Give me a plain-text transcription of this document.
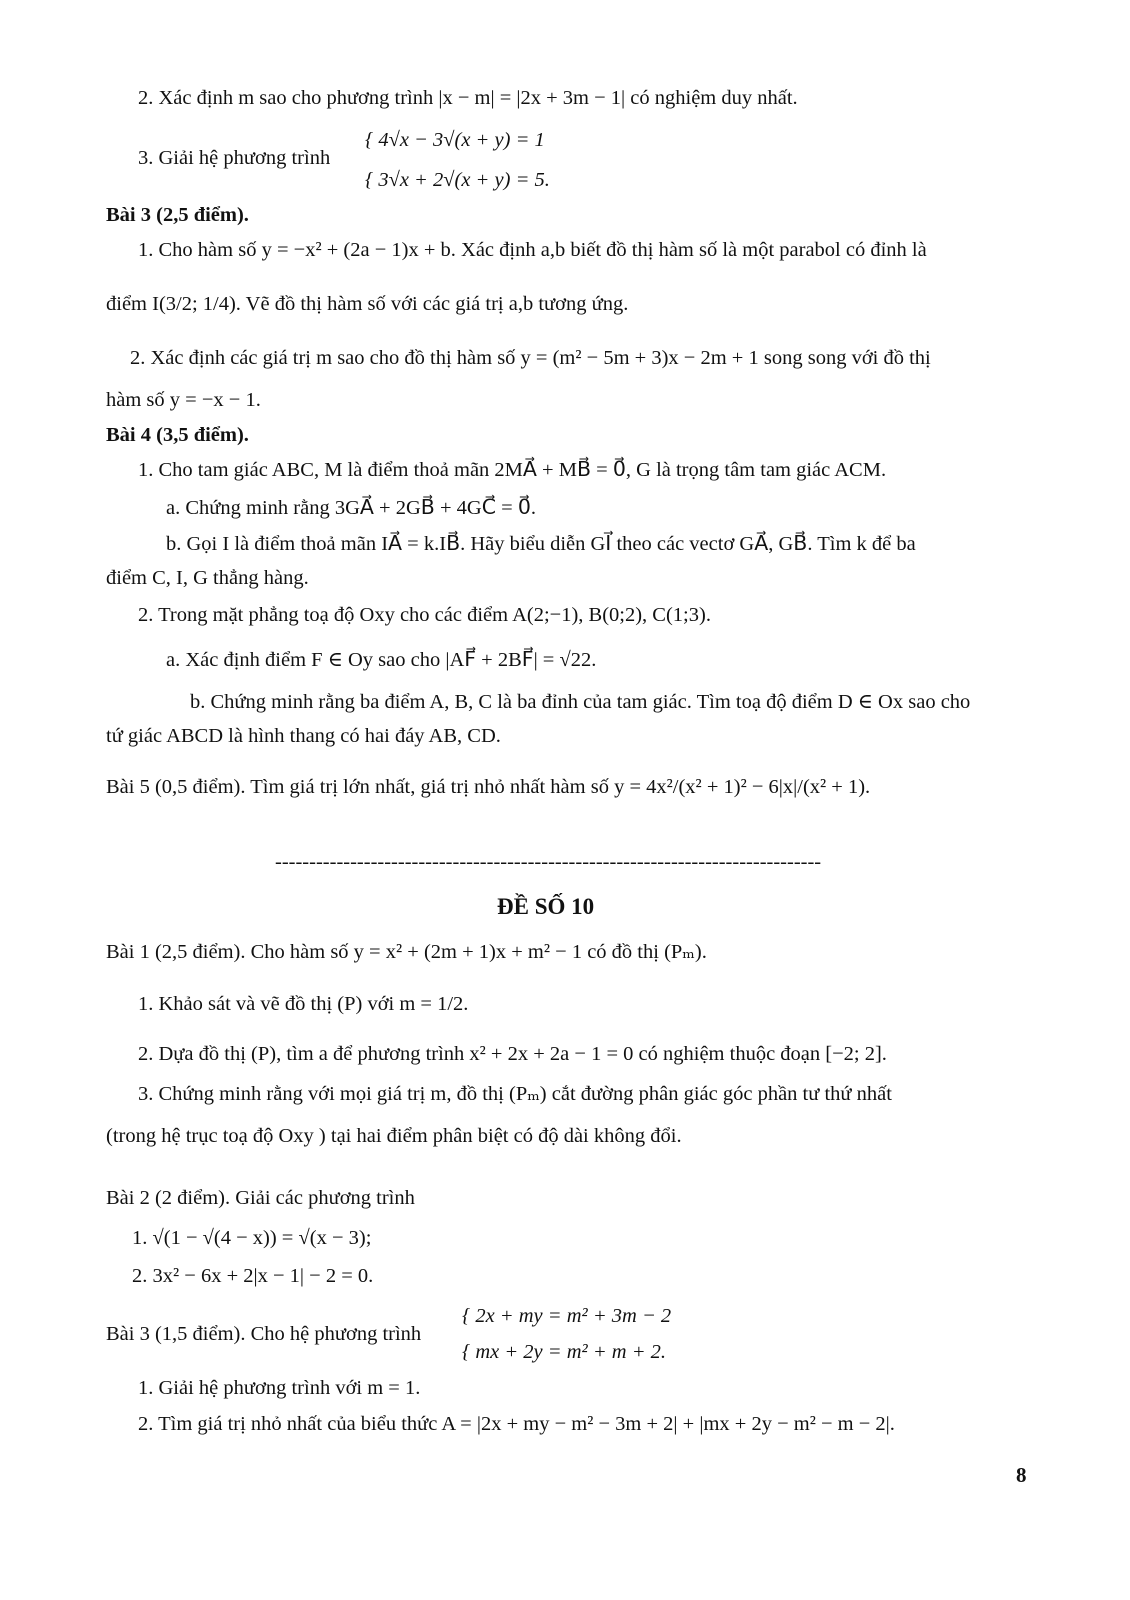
2. Xác định m sao cho phương trình |x − m| = |2x + 3m − 1| có nghiệm duy nhất.
3. Giải hệ phương trình
{ 4√x − 3√(x + y) = 1
{ 3√x + 2√(x + y) = 5.
Bài 3 (2,5 điểm).
1. Cho hàm số y = −x² + (2a − 1)x + b. Xác định a,b biết đồ thị hàm số là một parabol có đỉnh là
điểm I(3/2; 1/4). Vẽ đồ thị hàm số với các giá trị a,b tương ứng.
2. Xác định các giá trị m sao cho đồ thị hàm số y = (m² − 5m + 3)x − 2m + 1 song song với đồ thị
hàm số y = −x − 1.
Bài 4 (3,5 điểm).
1. Cho tam giác ABC, M là điểm thoả mãn 2MA⃗ + MB⃗ = 0⃗, G là trọng tâm tam giác ACM.
a. Chứng minh rằng 3GA⃗ + 2GB⃗ + 4GC⃗ = 0⃗.
b. Gọi I là điểm thoả mãn IA⃗ = k.IB⃗. Hãy biểu diễn GI⃗ theo các vectơ GA⃗, GB⃗. Tìm k để ba
điểm C, I, G thẳng hàng.
2. Trong mặt phẳng toạ độ Oxy cho các điểm A(2;−1), B(0;2), C(1;3).
a. Xác định điểm F ∈ Oy sao cho |AF⃗ + 2BF⃗| = √22.
b. Chứng minh rằng ba điểm A, B, C là ba đỉnh của tam giác. Tìm toạ độ điểm D ∈ Ox sao cho
tứ giác ABCD là hình thang có hai đáy AB, CD.
Bài 5 (0,5 điểm). Tìm giá trị lớn nhất, giá trị nhỏ nhất hàm số y = 4x²/(x² + 1)² − 6|x|/(x² + 1).
--------------------------------------------------------------------------------
ĐỀ SỐ 10
Bài 1 (2,5 điểm). Cho hàm số y = x² + (2m + 1)x + m² − 1 có đồ thị (Pₘ).
1. Khảo sát và vẽ đồ thị (P) với m = 1/2.
2. Dựa đồ thị (P), tìm a để phương trình x² + 2x + 2a − 1 = 0 có nghiệm thuộc đoạn [−2; 2].
3. Chứng minh rằng với mọi giá trị m, đồ thị (Pₘ) cắt đường phân giác góc phần tư thứ nhất
(trong hệ trục toạ độ Oxy ) tại hai điểm phân biệt có độ dài không đổi.
Bài 2 (2 điểm). Giải các phương trình
1. √(1 − √(4 − x)) = √(x − 3);
2. 3x² − 6x + 2|x − 1| − 2 = 0.
Bài 3 (1,5 điểm). Cho hệ phương trình
{ 2x + my = m² + 3m − 2
{ mx + 2y = m² + m + 2.
1. Giải hệ phương trình với m = 1.
2. Tìm giá trị nhỏ nhất của biểu thức A = |2x + my − m² − 3m + 2| + |mx + 2y − m² − m − 2|.
8
